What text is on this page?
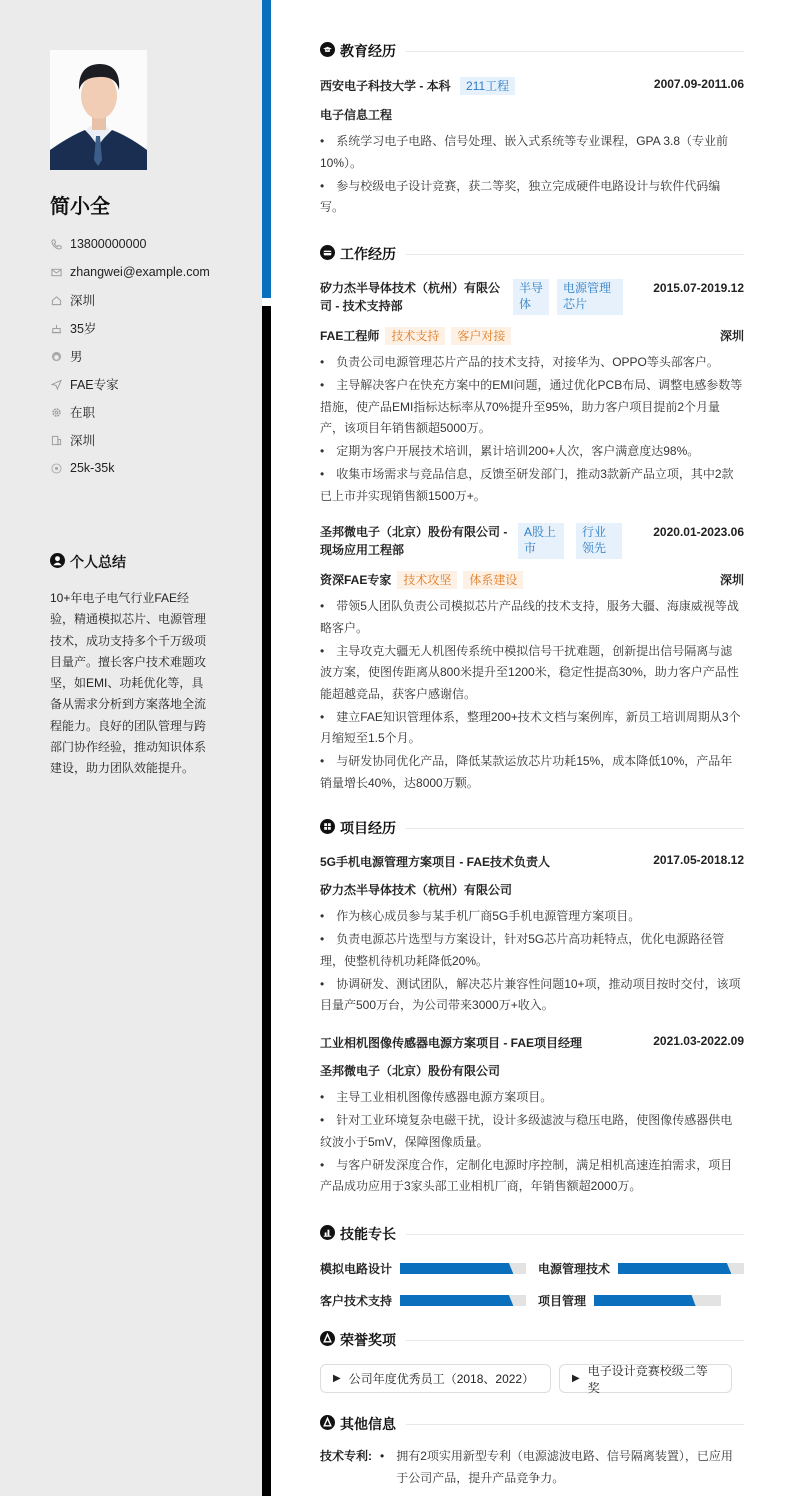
简小全
13800000000
zhangwei@example.com
深圳
35岁
男
FAE专家
在职
深圳
25k-35k
个人总结
10+年电子电气行业FAE经验，精通模拟芯片、电源管理技术，成功支持多个千万级项目量产。擅长客户技术难题攻坚，如EMI、功耗优化等，具备从需求分析到方案落地全流程能力。良好的团队管理与跨部门协作经验，推动知识体系建设，助力团队效能提升。
教育经历
西安电子科技大学 - 本科 211工程	2007.09-2011.06
电子信息工程
• 系统学习电子电路、信号处理、嵌入式系统等专业课程，GPA 3.8（专业前10%）。
• 参与校级电子设计竞赛，获二等奖，独立完成硬件电路设计与软件代码编写。
工作经历
矽力杰半导体技术（杭州）有限公司 - 技术支持部
半导体
电源管理芯片
2015.07-2019.12
FAE工程师 技术支持 客户对接	深圳
• 负责公司电源管理芯片产品的技术支持，对接华为、OPPO等头部客户。
• 主导解决客户在快充方案中的EMI问题，通过优化PCB布局、调整电感参数等措施，使产品EMI指标达标率从70%提升至95%，助力客户项目提前2个月量产，该项目年销售额超5000万。
• 定期为客户开展技术培训，累计培训200+人次，客户满意度达98%。
• 收集市场需求与竞品信息，反馈至研发部门，推动3款新产品立项，其中2款已上市并实现销售额1500万+。
圣邦微电子（北京）股份有限公司 - 现场应用工程部
A股上市
行业领先
2020.01-2023.06
资深FAE专家 技术攻坚 体系建设	深圳
• 带领5人团队负责公司模拟芯片产品线的技术支持，服务大疆、海康威视等战略客户。
• 主导攻克大疆无人机图传系统中模拟信号干扰难题，创新提出信号隔离与滤波方案，使图传距离从800米提升至1200米，稳定性提高30%，助力客户产品性能超越竞品，获客户感谢信。
• 建立FAE知识管理体系，整理200+技术文档与案例库，新员工培训周期从3个月缩短至1.5个月。
• 与研发协同优化产品，降低某款运放芯片功耗15%，成本降低10%，产品年销量增长40%，达8000万颗。
项目经历
5G手机电源管理方案项目 - FAE技术负责人	2017.05-2018.12
矽力杰半导体技术（杭州）有限公司
• 作为核心成员参与某手机厂商5G手机电源管理方案项目。
• 负责电源芯片选型与方案设计，针对5G芯片高功耗特点，优化电源路径管理，使整机待机功耗降低20%。
• 协调研发、测试团队，解决芯片兼容性问题10+项，推动项目按时交付，该项目量产500万台，为公司带来3000万+收入。
工业相机图像传感器电源方案项目 - FAE项目经理	2021.03-2022.09
圣邦微电子（北京）股份有限公司
• 主导工业相机图像传感器电源方案项目。
• 针对工业环境复杂电磁干扰，设计多级滤波与稳压电路，使图像传感器供电纹波小于5mV，保障图像质量。
• 与客户研发深度合作，定制化电源时序控制，满足相机高速连拍需求，项目产品成功应用于3家头部工业相机厂商，年销售额超2000万。
技能专长
模拟电路设计	电源管理技术
客户技术支持	项目管理
荣誉奖项
▶ 公司年度优秀员工（2018、2022）	▶
电子设计竞赛校级二等奖
其他信息
技术专利: • 拥有2项实用新型专利（电源滤波电路、信号隔离装置），已应用于公司产品，提升产品竞争力。
